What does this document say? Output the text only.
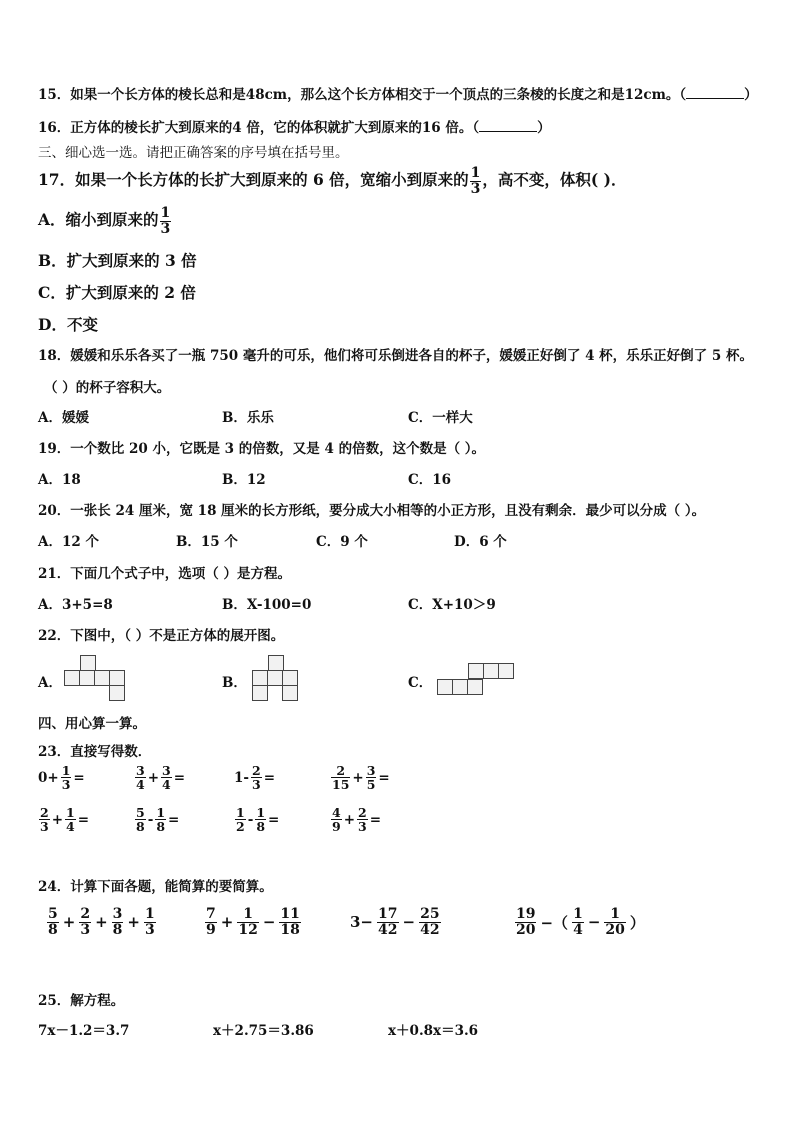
15．如果一个长方体的棱长总和是48cm，那么这个长方体相交于一个顶点的三条棱的长度之和是12cm。（	）
16．正方体的棱长扩大到原来的4 倍，它的体积就扩大到原来的16 倍。（	）
三、细心选一选。请把正确答案的序号填在括号里。
17．如果一个长方体的长扩大到原来的 6 倍，宽缩小到原来的 $\frac{1}{3}$ ，高不变，体积( )．
A．缩小到原来的 $\frac{1}{3}$
B．扩大到原来的 3 倍
C．扩大到原来的 2 倍
D．不变
18．媛媛和乐乐各买了一瓶 750 毫升的可乐，他们将可乐倒进各自的杯子，媛媛正好倒了 4 杯，乐乐正好倒了 5 杯。
（ ）的杯子容积大。
A．媛媛	B．乐乐	C．一样大
19．一个数比 20 小，它既是 3 的倍数，又是 4 的倍数，这个数是（ ）。
A．18	B．12	C．16
20．一张长 24 厘米，宽 18 厘米的长方形纸，要分成大小相等的小正方形，且没有剩余．最少可以分成（ ）。
A．12 个	B．15 个	C．9 个	D．6 个
21．下面几个式子中，选项（ ）是方程。
A．3+5=8	B．X-100=0	C．X+10＞9
22．下图中，（ ）不是正方体的展开图。
A．	B．	C．
四、用心算一算。
23．直接写得数．
$0+ \frac{1}{3}$ =	$\frac{3}{4} + \frac{3}{4}$ =	$1- \frac{2}{3}$ =	$\frac{2}{15} + \frac{3}{5}$ =
$\frac{2}{3} + \frac{1}{4}$ =	$\frac{5}{8} - \frac{1}{8}$ =	$\frac{1}{2} - \frac{1}{8}$ =	$\frac{4}{9} + \frac{2}{3}$ =
24．计算下面各题，能简算的要简算。
$\frac{5}{8} + \frac{2}{3} + \frac{3}{8} + \frac{1}{3}$	$\frac{7}{9} + \frac{1}{12} - \frac{11}{18}$	$3- \frac{17}{42} - \frac{25}{42}$	$\frac{19}{20}$ −（ $\frac{1}{4} - \frac{1}{20}$ ）
25．解方程。
7x－1.2＝3.7	x＋2.75＝3.86	x＋0.8x＝3.6
